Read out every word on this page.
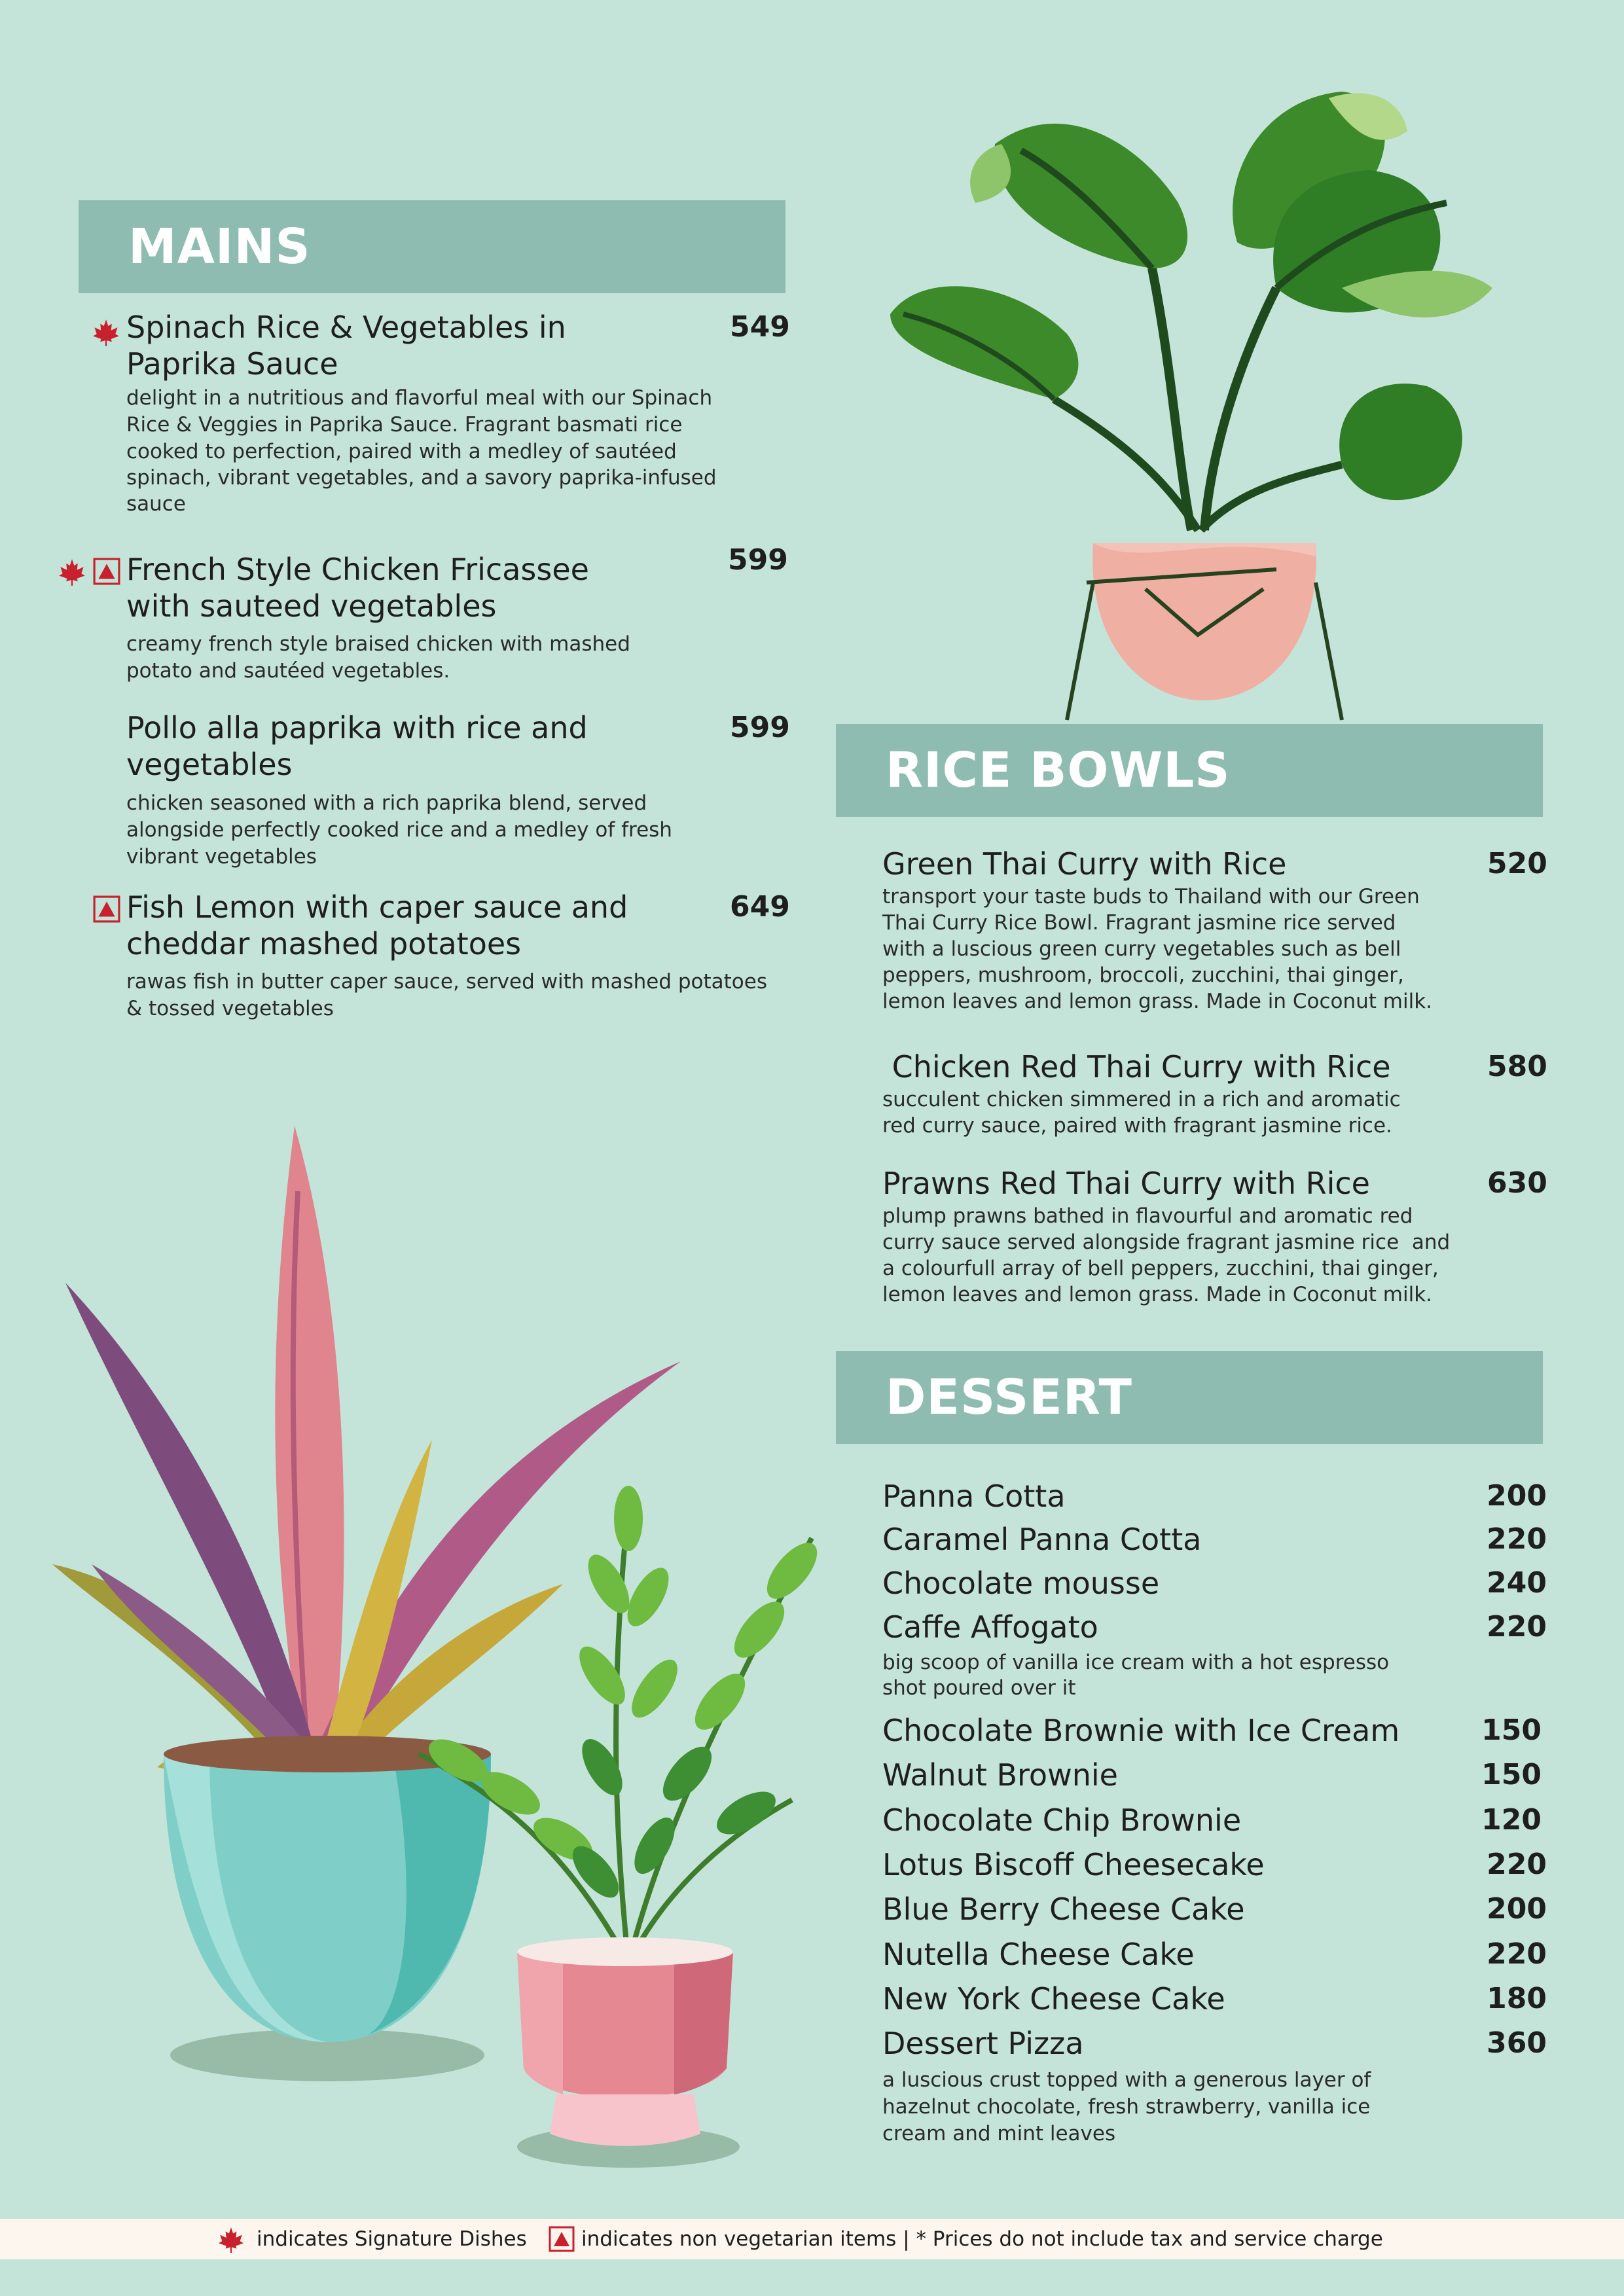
MAINS
Spinach Rice & Vegetables in
Paprika Sauce
549
delight in a nutritious and flavorful meal with our Spinach
Rice & Veggies in Paprika Sauce. Fragrant basmati rice
cooked to perfection, paired with a medley of sautéed
spinach, vibrant vegetables, and a savory paprika-infused
sauce
French Style Chicken Fricassee
with sauteed vegetables
599
creamy french style braised chicken with mashed
potato and sautéed vegetables.
Pollo alla paprika with rice and
vegetables
599
chicken seasoned with a rich paprika blend, served
alongside perfectly cooked rice and a medley of fresh
vibrant vegetables
Fish Lemon with caper sauce and
cheddar mashed potatoes
649
rawas fish in butter caper sauce, served with mashed potatoes
& tossed vegetables
RICE BOWLS
Green Thai Curry with Rice	520
transport your taste buds to Thailand with our Green
Thai Curry Rice Bowl. Fragrant jasmine rice served
with a luscious green curry vegetables such as bell
peppers, mushroom, broccoli, zucchini, thai ginger,
lemon leaves and lemon grass. Made in Coconut milk.
Chicken Red Thai Curry with Rice	580
succulent chicken simmered in a rich and aromatic
red curry sauce, paired with fragrant jasmine rice.
Prawns Red Thai Curry with Rice	630
plump prawns bathed in flavourful and aromatic red
curry sauce served alongside fragrant jasmine rice  and
a colourfull array of bell peppers, zucchini, thai ginger,
lemon leaves and lemon grass. Made in Coconut milk.
DESSERT
Panna Cotta	200
Caramel Panna Cotta	220
Chocolate mousse	240
Caffe Affogato	220
big scoop of vanilla ice cream with a hot espresso
shot poured over it
Chocolate Brownie with Ice Cream	150
Walnut Brownie	150
Chocolate Chip Brownie	120
Lotus Biscoff Cheesecake	220
Blue Berry Cheese Cake	200
Nutella Cheese Cake	220
New York Cheese Cake	180
Dessert Pizza	360
a luscious crust topped with a generous layer of
hazelnut chocolate, fresh strawberry, vanilla ice
cream and mint leaves
indicates Signature Dishes	indicates non vegetarian items | * Prices do not include tax and service charge
